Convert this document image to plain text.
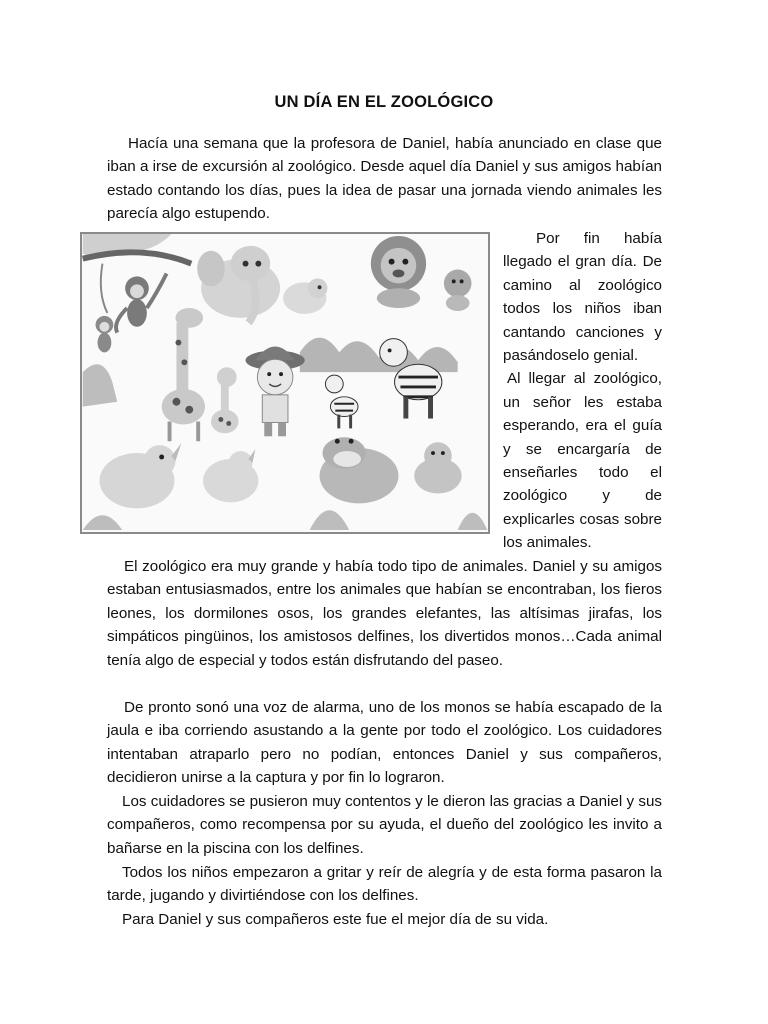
UN DÍA EN EL ZOOLÓGICO

Hacía una semana que la profesora de Daniel, había anunciado en clase que iban a irse de excursión al zoológico. Desde aquel día Daniel y sus amigos habían estado contando los días, pues la idea de pasar una jornada viendo animales les parecía algo estupendo.

Por fin había llegado el gran día. De camino al zoológico todos los niños iban cantando canciones y pasándoselo genial.
Al llegar al zoológico, un señor les estaba esperando, era el guía y se encargaría de enseñarles todo el zoológico y de explicarles cosas sobre los animales.

El zoológico era muy grande y había todo tipo de animales. Daniel y su amigos estaban entusiasmados, entre los animales que habían se encontraban, los fieros leones, los dormilones osos, los grandes elefantes, las altísimas jirafas, los simpáticos pingüinos, los amistosos delfines, los divertidos monos…Cada animal tenía algo de especial y todos están disfrutando del paseo.

De pronto sonó una voz de alarma, uno de los monos se había escapado de la jaula e iba corriendo asustando a la gente por todo el zoológico. Los cuidadores intentaban atraparlo pero no podían, entonces Daniel y sus compañeros, decidieron unirse a la captura y por fin lo lograron.

Los cuidadores se pusieron muy contentos y le dieron las gracias a Daniel y sus compañeros, como recompensa por su ayuda, el dueño del zoológico les invito a bañarse en la piscina con los delfines.

Todos los niños empezaron a gritar y reír de alegría y de esta forma pasaron la tarde, jugando y divirtiéndose con los delfines.

Para Daniel y sus compañeros este fue el mejor día de su vida.
